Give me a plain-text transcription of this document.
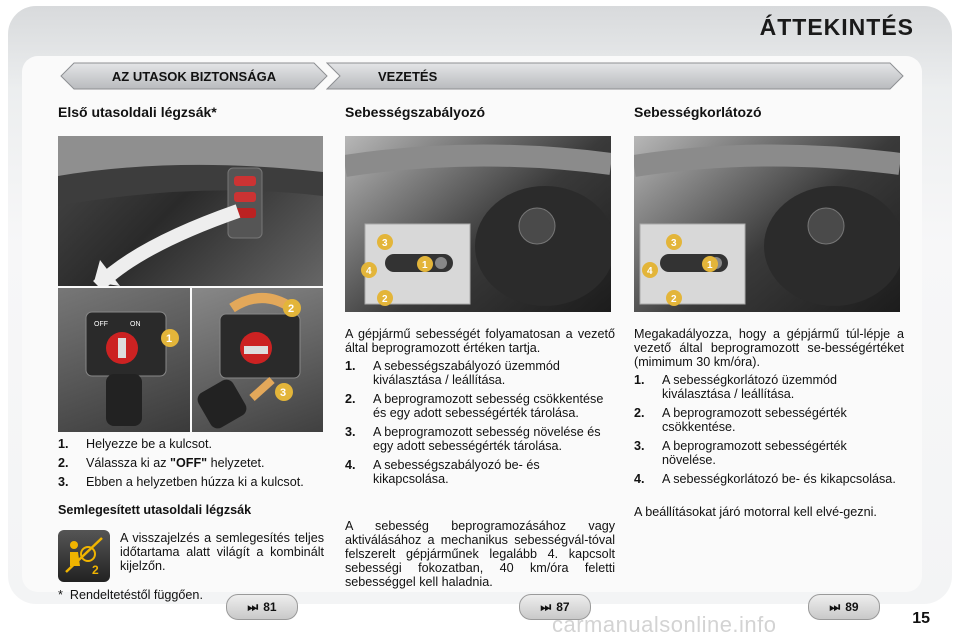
ÁTTEKINTÉS
AZ UTASOK BIZTONSÁGA	VEZETÉS
Első utasoldali légzsák*
1
OFF	ON
2
3
1.	Helyezze be a kulcsot.
2.	Válassza ki az "OFF" helyzetet.
3.	Ebben a helyzetben húzza ki a kulcsot.
Semlegesített utasoldali légzsák
2

A visszajelzés a semlegesítés teljes időtartama alatt világít a kombinált kijelzőn.

* Rendeltetéstől függően.
Sebességszabályozó
3
4
1
2

A gépjármű sebességét folyamatosan a vezető által beprogramozott értéken tartja.

1.	A sebességszabályozó üzemmód kiválasztása / leállítása.
2.	A beprogramozott sebesség csökkentése és egy adott sebességérték tárolása.
3.	A beprogramozott sebesség növelése és egy adott sebességérték tárolása.
4.	A sebességszabályozó be- és kikapcsolása.

A sebesség beprogramozásához vagy aktiválásához a mechanikus sebességvál-tóval felszerelt gépjárműnek legalább 4. kapcsolt sebességi fokozatban, 40 km/óra feletti sebességgel kell haladnia.

Sebességkorlátozó
3
4
1
2

Megakadályozza, hogy a gépjármű túl-lépje a vezető által beprogramozott se-bességértéket (mimimum 30 km/óra).

1.	A sebességkorlátozó üzemmód kiválasztása / leállítása.
2.	A beprogramozott sebességérték csökkentése.
3.	A beprogramozott sebességérték növelése.
4.	A sebességkorlátozó be- és kikapcsolása.

A beállításokat járó motorral kell elvé-gezni.

⏭ 81	⏭ 87	⏭ 89
carmanualsonline.info	15
